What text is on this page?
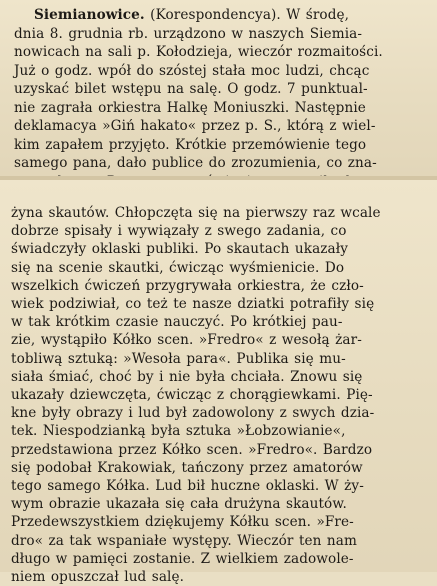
Siemianowice. (Korespondencya). W środę,
dnia 8. grudnia rb. urządzono w naszych Siemia-
nowicach na sali p. Kołodzieja, wieczór rozmaitości.
Już o godz. wpół do szóstej stała moc ludzi, chcąc
uzyskać bilet wstępu na salę. O godz. 7 punktual-
nie zagrała orkiestra Halkę Moniuszki. Następnie
deklamacya »Giń hakato« przez p. S., którą z wiel-
kim zapałem przyjęto. Krótkie przemówienie tego
samego pana, dało publice do zrozumienia, co zna-
żyna skautów. Chłopczęta się na pierwszy raz wcale
dobrze spisały i wywiązały z swego zadania, co
świadczyły oklaski publiki. Po skautach ukazały
się na scenie skautki, ćwicząc wyśmienicie. Do
wszelkich ćwiczeń przygrywała orkiestra, że czło-
wiek podziwiał, co też te nasze dziatki potrafiły się
w tak krótkim czasie nauczyć. Po krótkiej pau-
zie, wystąpiło Kółko scen. »Fredro« z wesołą żar-
tobliwą sztuką: »Wesoła para«. Publika się mu-
siała śmiać, choć by i nie była chciała. Znowu się
ukazały dziewczęta, ćwicząc z chorągiewkami. Pię-
kne były obrazy i lud był zadowolony z swych dzia-
tek. Niespodzianką była sztuka »Łobzowianie«,
przedstawiona przez Kółko scen. »Fredro«. Bardzo
się podobał Krakowiak, tańczony przez amatorów
tego samego Kółka. Lud bił huczne oklaski. W ży-
wym obrazie ukazała się cała drużyna skautów.
Przedewszystkiem dziękujemy Kółku scen. »Fre-
dro« za tak wspaniałe występy. Wieczór ten nam
długo w pamięci zostanie. Z wielkiem zadowole-
niem opuszczał lud salę.
